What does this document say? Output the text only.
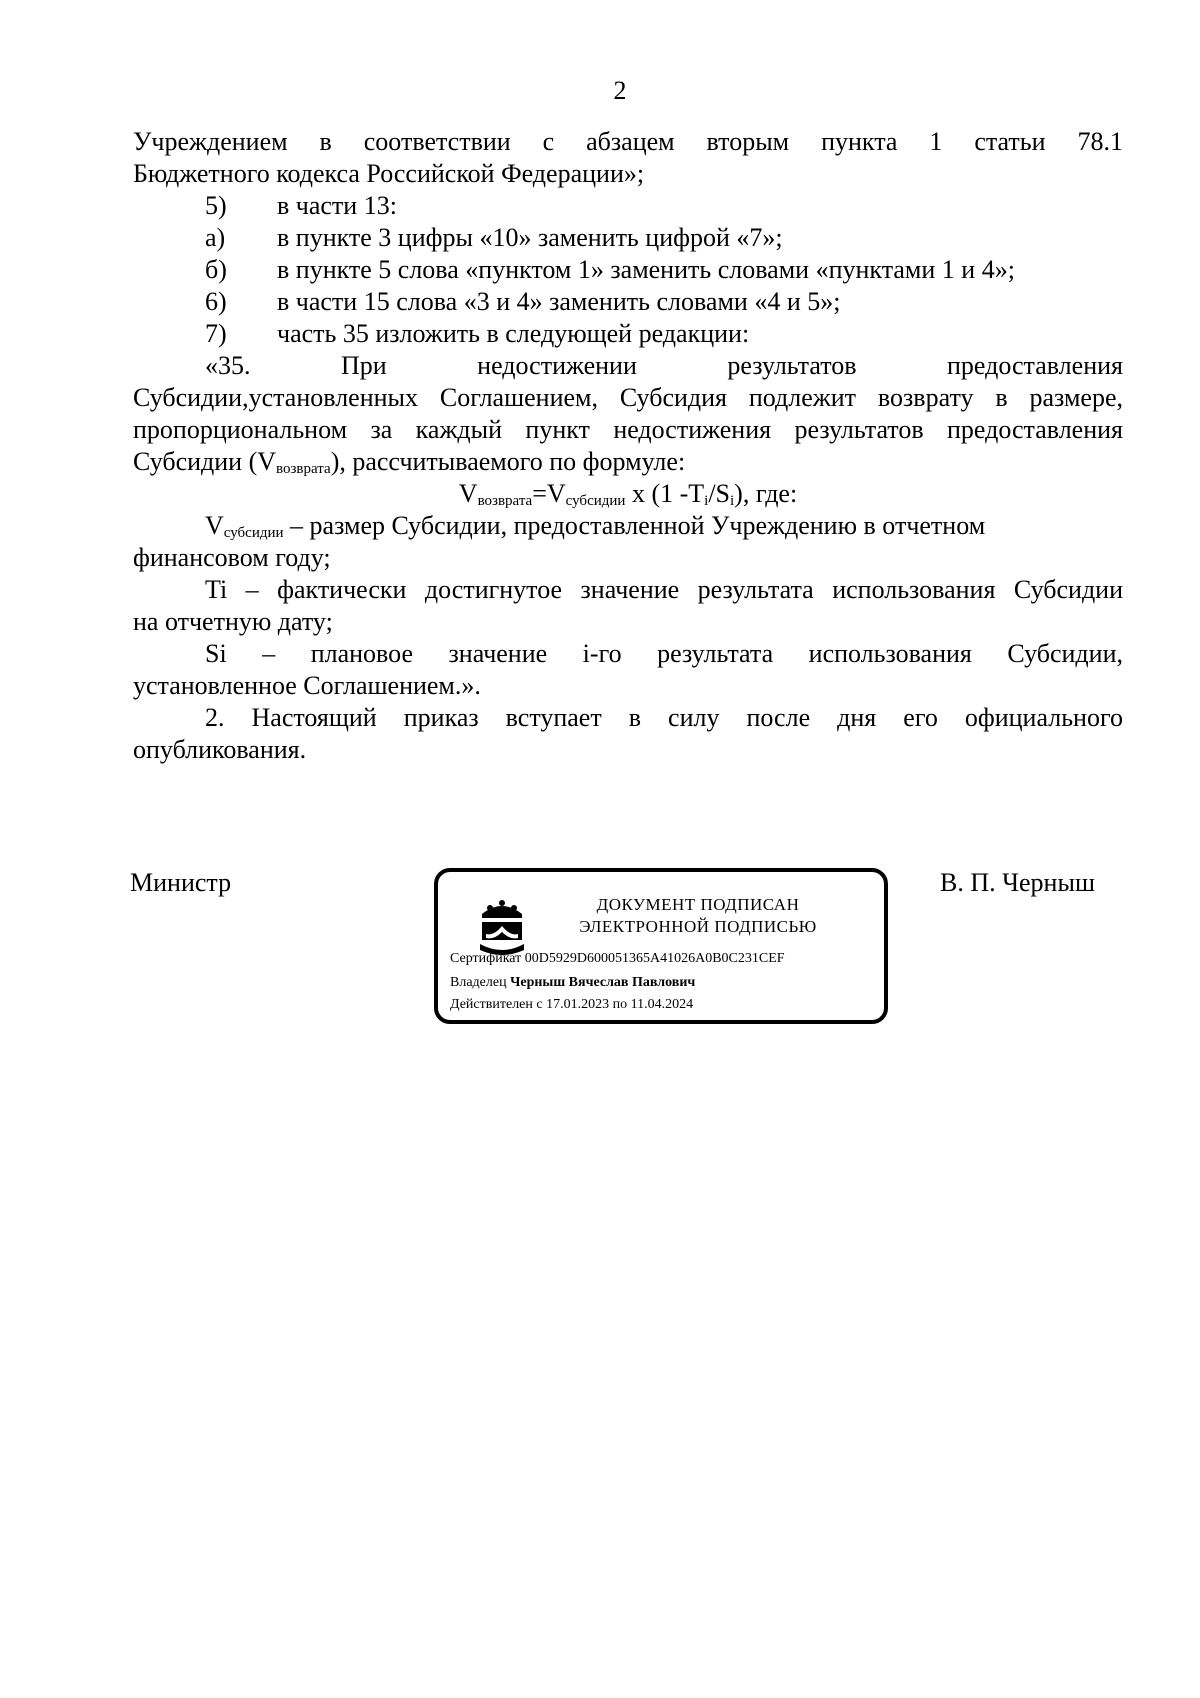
2

Учреждением в соответствии с абзацем вторым пункта 1 статьи 78.1

Бюджетного кодекса Российской Федерации»;

5)	в части 13:
а)	в пункте 3 цифры «10» заменить цифрой «7»;
б)	в пункте 5 слова «пунктом 1» заменить словами «пунктами 1 и 4»;
6)	в части 15 слова «3 и 4» заменить словами «4 и 5»;
7)	часть 35 изложить в следующей редакции:

«35. При недостижении результатов предоставления

Субсидии,установленных Соглашением, Субсидия подлежит возврату в размере,

пропорциональном за каждый пункт недостижения результатов предоставления

Субсидии $(V_{возврата})$, рассчитываемого по формуле:

$V_{возврата}=V_{субсидии}$ x (1 $-T_i/S_i$), где:

$V_{субсидии}$ – размер Субсидии, предоставленной Учреждению в отчетном

финансовом году;

Ti – фактически достигнутое значение результата использования Субсидии

на отчетную дату;

Si – плановое значение i-го результата использования Субсидии,

установленное Соглашением.».

2. Настоящий приказ вступает в силу после дня его официального

опубликования.

Министр	В. П. Черныш
ДОКУМЕНТ ПОДПИСАН
ЭЛЕКТРОННОЙ ПОДПИСЬЮ
Сертификат 00D5929D600051365A41026A0B0C231CEF
Владелец Черныш Вячеслав Павлович
Действителен с 17.01.2023 по 11.04.2024
